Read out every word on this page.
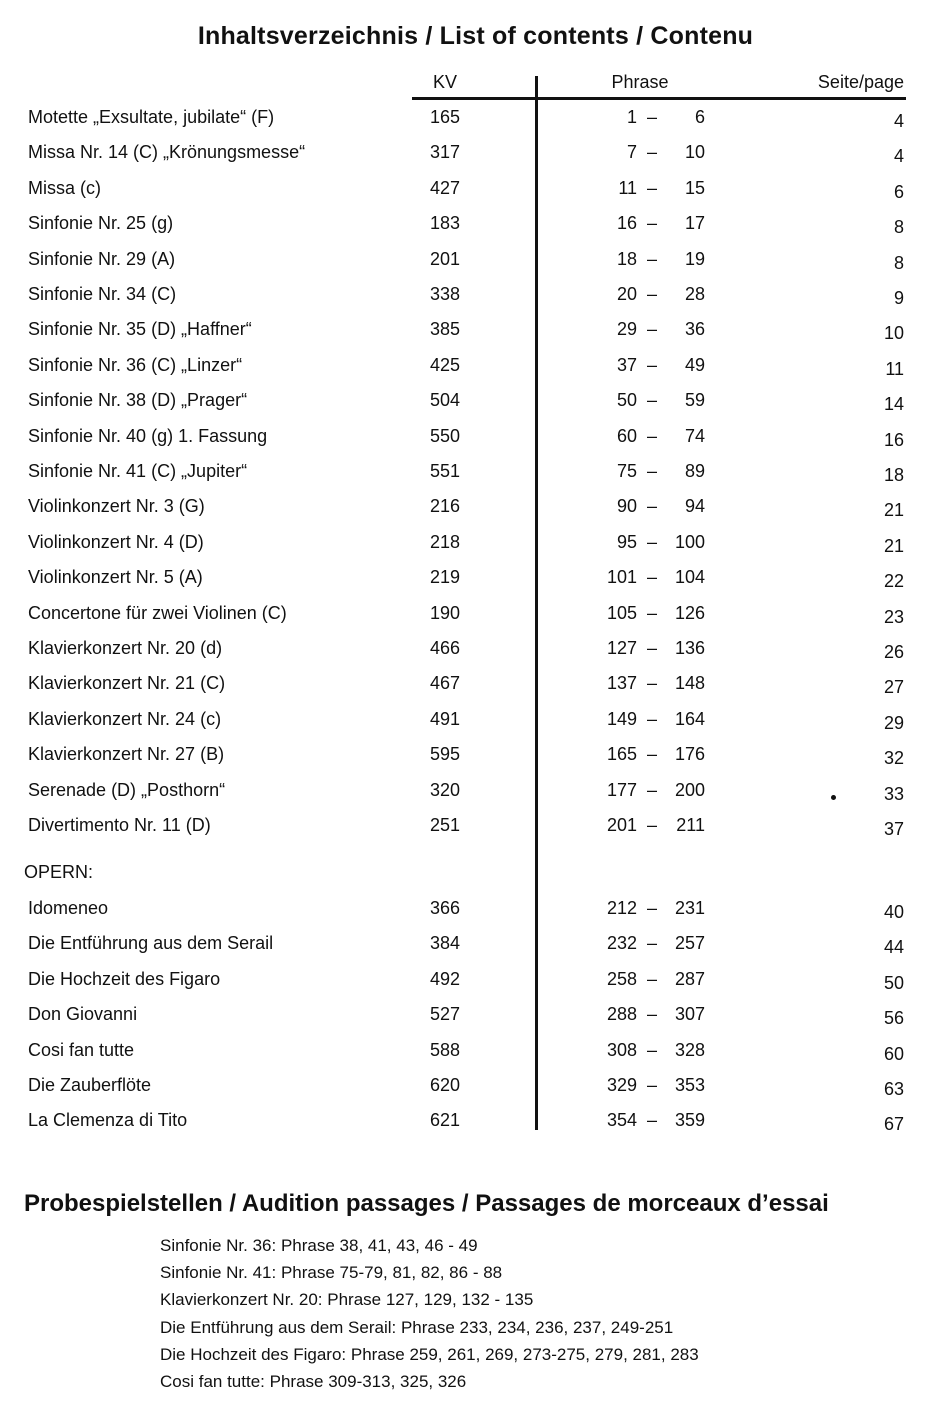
Inhaltsverzeichnis / List of contents / Contenu
KV	Phrase	Seite/page
Motette „Exsultate, jubilate“ (F)	165	1 –	6	4
Missa Nr. 14 (C) „Krönungsmesse“	317	7 –	10	4
Missa (c)	427	11 –	15	6
Sinfonie Nr. 25 (g)	183	16 –	17	8
Sinfonie Nr. 29 (A)	201	18 –	19	8
Sinfonie Nr. 34 (C)	338	20 –	28	9
Sinfonie Nr. 35 (D) „Haffner“	385	29 –	36	10
Sinfonie Nr. 36 (C) „Linzer“	425	37 –	49	11
Sinfonie Nr. 38 (D) „Prager“	504	50 –	59	14
Sinfonie Nr. 40 (g) 1. Fassung	550	60 –	74	16
Sinfonie Nr. 41 (C) „Jupiter“	551	75 –	89	18
Violinkonzert Nr. 3 (G)	216	90 –	94	21
Violinkonzert Nr. 4 (D)	218	95 – 100	21
Violinkonzert Nr. 5 (A)	219	101 – 104	22
Concertone für zwei Violinen (C)	190	105 – 126	23
Klavierkonzert Nr. 20 (d)	466	127 – 136	26
Klavierkonzert Nr. 21 (C)	467	137 – 148	27
Klavierkonzert Nr. 24 (c)	491	149 – 164	29
Klavierkonzert Nr. 27 (B)	595	165 – 176	32
Serenade (D) „Posthorn“	320	177 – 200	33
Divertimento Nr. 11 (D)	251	201 –	211	37
OPERN:
Idomeneo	366	212 – 231	40
Die Entführung aus dem Serail	384	232 – 257	44
Die Hochzeit des Figaro	492	258 – 287	50
Don Giovanni	527	288 – 307	56
Cosi fan tutte	588	308 – 328	60
Die Zauberflöte	620	329 – 353	63
La Clemenza di Tito	621	354 – 359	67
Probespielstellen / Audition passages / Passages de morceaux d’essai
Sinfonie Nr. 36: Phrase 38, 41, 43, 46 - 49
Sinfonie Nr. 41: Phrase 75-79, 81, 82, 86 - 88
Klavierkonzert Nr. 20: Phrase 127, 129, 132 - 135
Die Entführung aus dem Serail: Phrase 233, 234, 236, 237, 249-251
Die Hochzeit des Figaro: Phrase 259, 261, 269, 273-275, 279, 281, 283
Cosi fan tutte: Phrase 309-313, 325, 326
